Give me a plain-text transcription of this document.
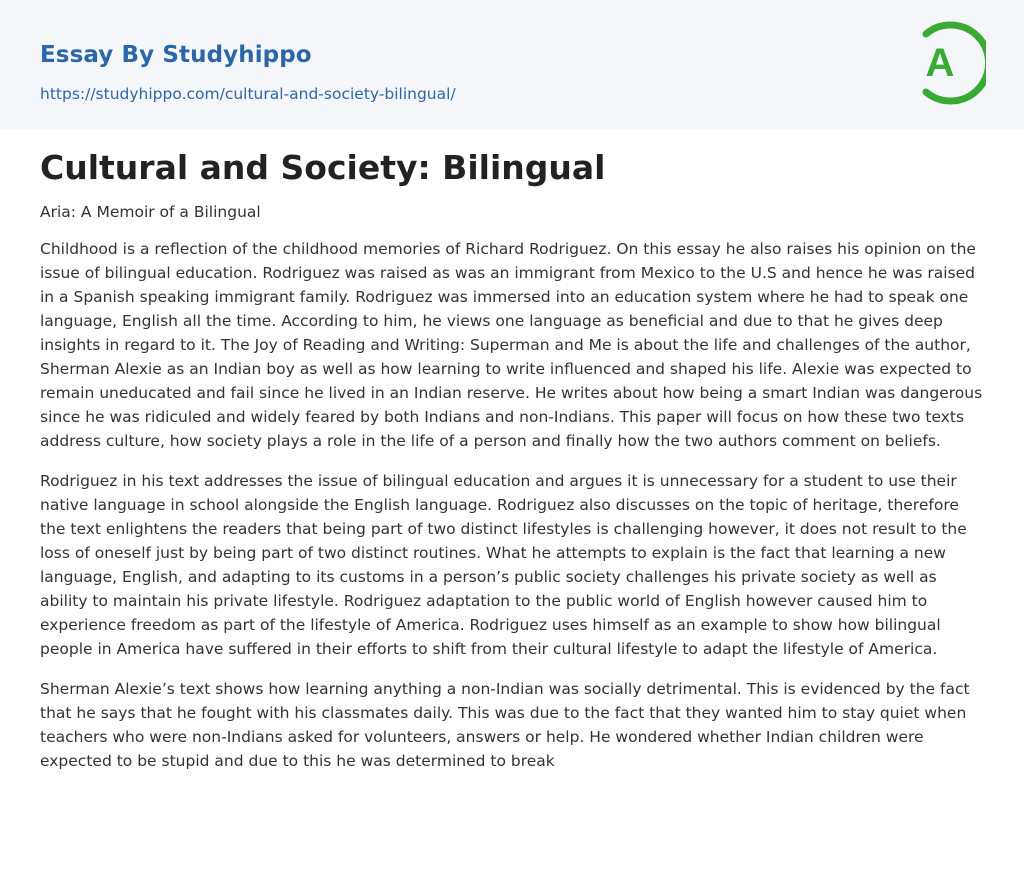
Essay By Studyhippo
https://studyhippo.com/cultural-and-society-bilingual/
A
Cultural and Society: Bilingual

Aria: A Memoir of a Bilingual

Childhood is a reflection of the childhood memories of Richard Rodriguez. On this essay he also raises his opinion on the issue of bilingual education. Rodriguez was raised as was an immigrant from Mexico to the U.S and hence he was raised in a Spanish speaking immigrant family. Rodriguez was immersed into an education system where he had to speak one language, English all the time. According to him, he views one language as beneficial and due to that he gives deep insights in regard to it. The Joy of Reading and Writing: Superman and Me is about the life and challenges of the author, Sherman Alexie as an Indian boy as well as how learning to write influenced and shaped his life. Alexie was expected to remain uneducated and fail since he lived in an Indian reserve. He writes about how being a smart Indian was dangerous since he was ridiculed and widely feared by both Indians and non-Indians. This paper will focus on how these two texts address culture, how society plays a role in the life of a person and finally how the two authors comment on beliefs.

Rodriguez in his text addresses the issue of bilingual education and argues it is unnecessary for a student to use their native language in school alongside the English language. Rodriguez also discusses on the topic of heritage, therefore the text enlightens the readers that being part of two distinct lifestyles is challenging however, it does not result to the loss of oneself just by being part of two distinct routines. What he attempts to explain is the fact that learning a new language, English, and adapting to its customs in a person’s public society challenges his private society as well as ability to maintain his private lifestyle. Rodriguez adaptation to the public world of English however caused him to experience freedom as part of the lifestyle of America. Rodriguez uses himself as an example to show how bilingual people in America have suffered in their efforts to shift from their cultural lifestyle to adapt the lifestyle of America.

Sherman Alexie’s text shows how learning anything a non-Indian was socially detrimental. This is evidenced by the fact that he says that he fought with his classmates daily. This was due to the fact that they wanted him to stay quiet when teachers who were non-Indians asked for volunteers, answers or help. He wondered whether Indian children were expected to be stupid and due to this he was determined to break
